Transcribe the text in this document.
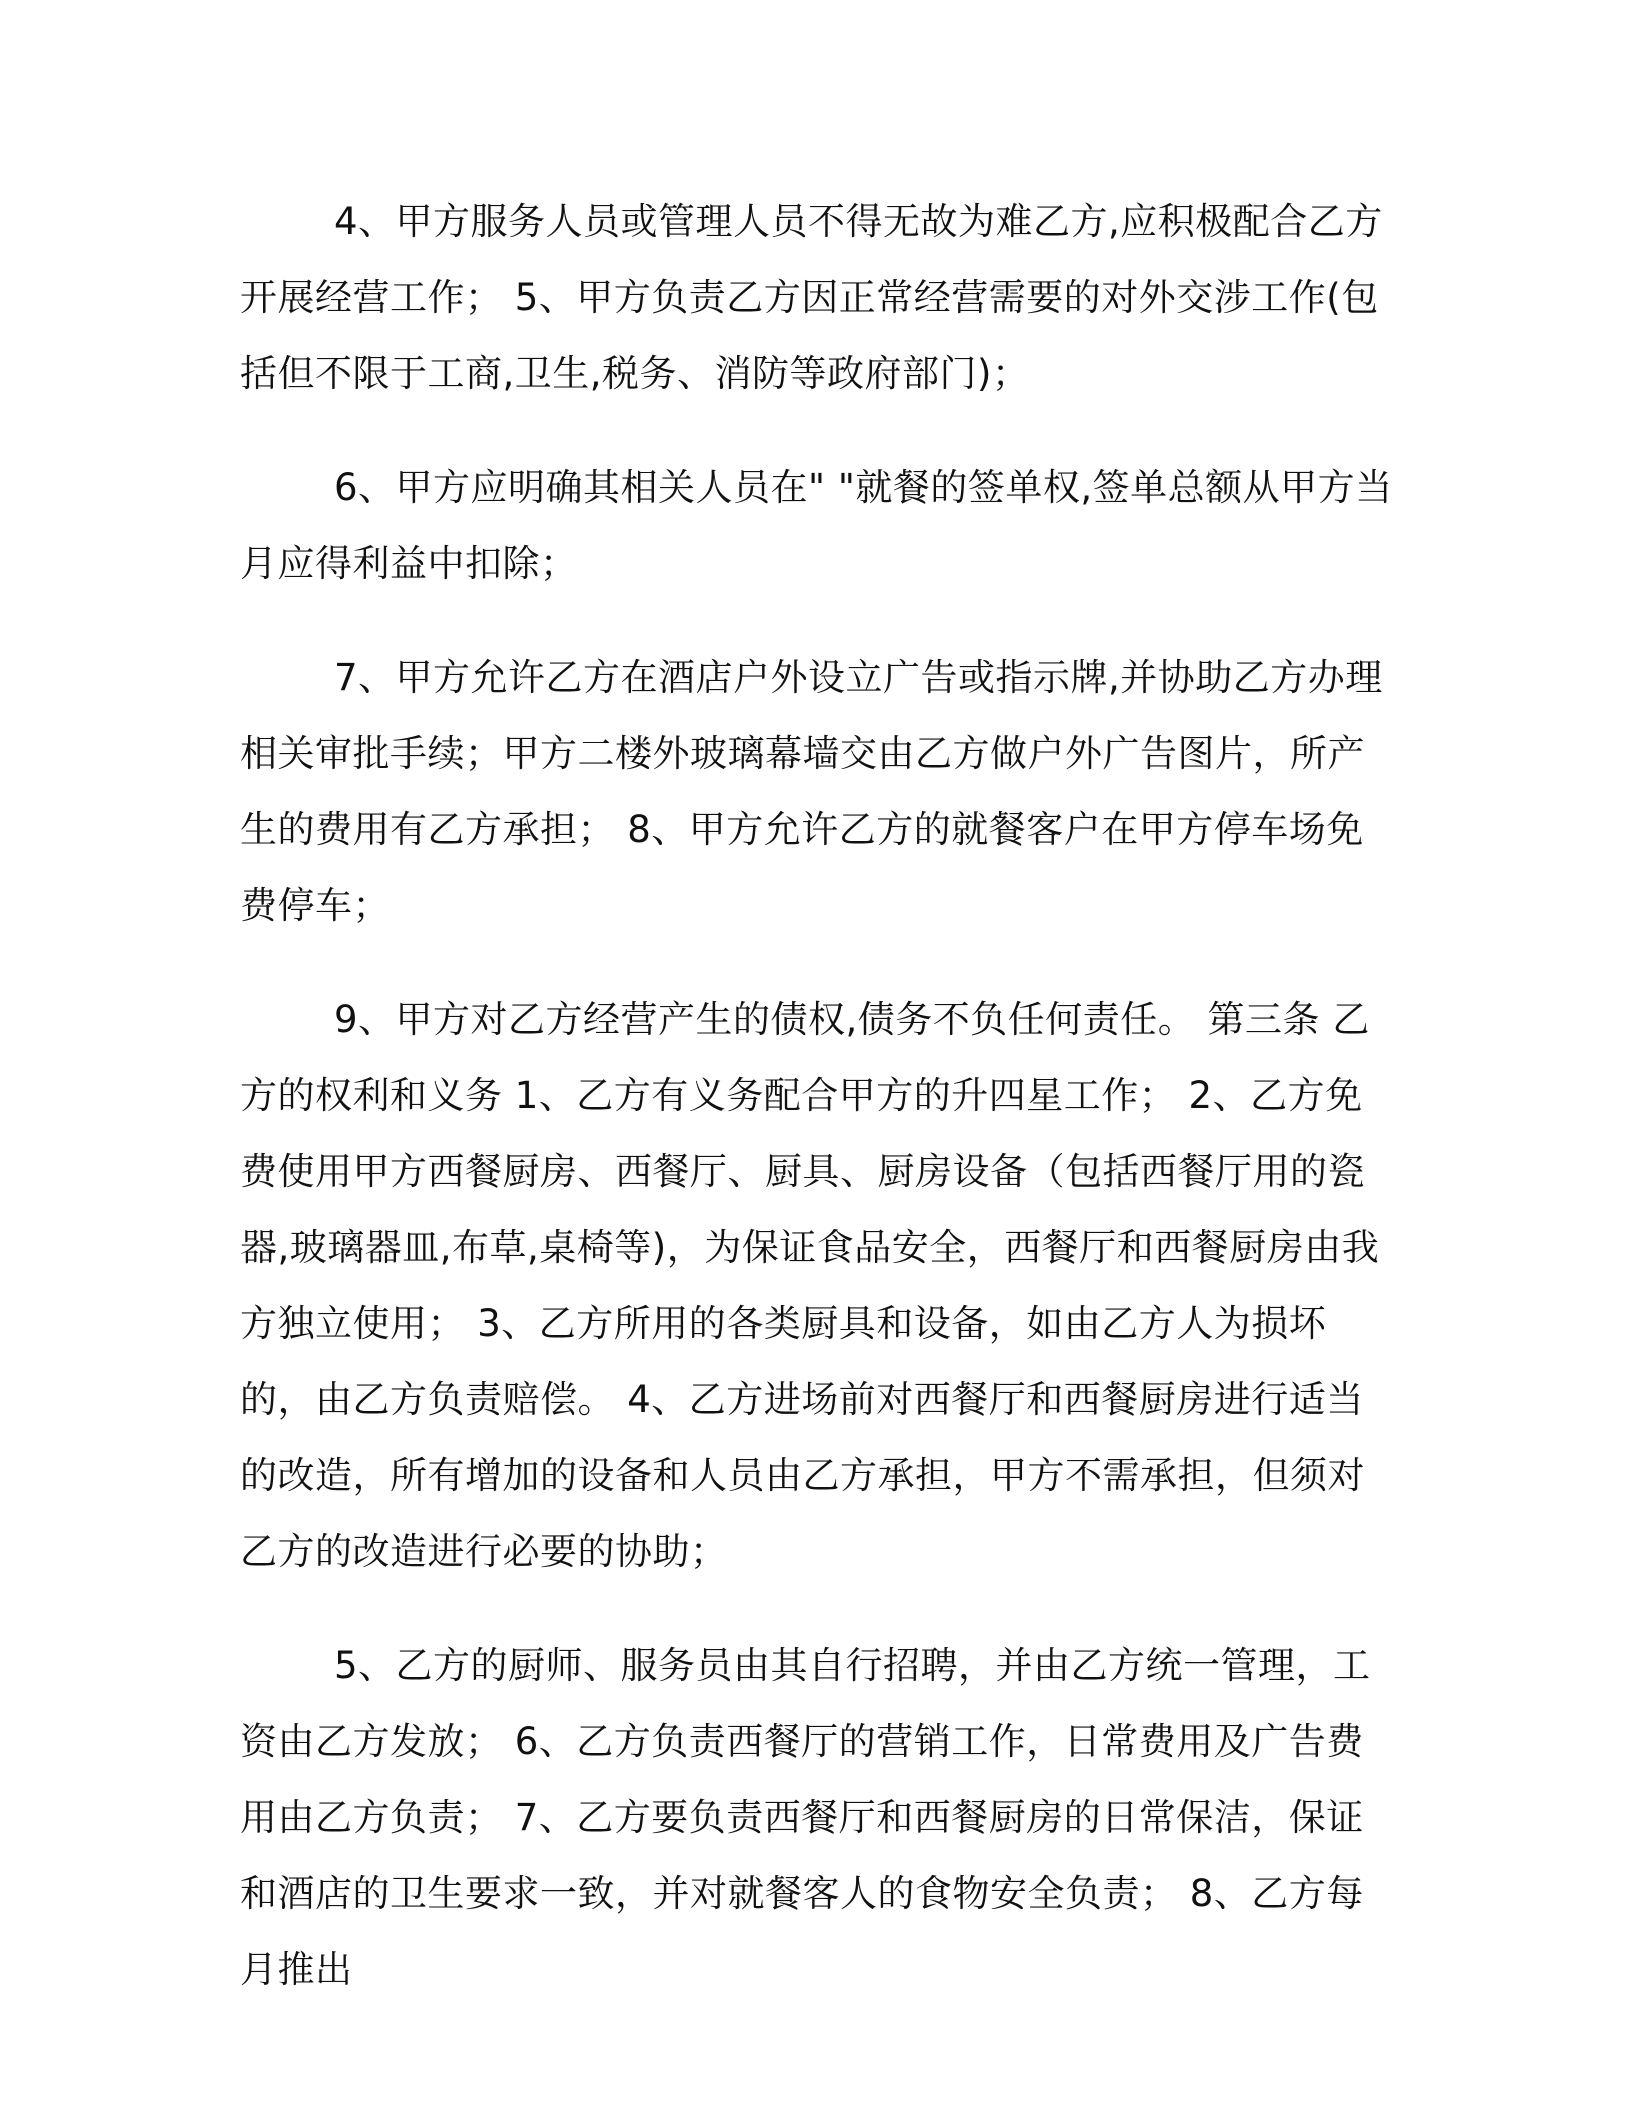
4、甲方服务人员或管理人员不得无故为难乙方,应积极配合乙方开展经营工作； 5、甲方负责乙方因正常经营需要的对外交涉工作(包括但不限于工商,卫生,税务、消防等政府部门)；

6、甲方应明确其相关人员在" "就餐的签单权,签单总额从甲方当月应得利益中扣除；

7、甲方允许乙方在酒店户外设立广告或指示牌,并协助乙方办理相关审批手续；甲方二楼外玻璃幕墙交由乙方做户外广告图片，所产生的费用有乙方承担； 8、甲方允许乙方的就餐客户在甲方停车场免费停车；

9、甲方对乙方经营产生的债权,债务不负任何责任。 第三条 乙方的权利和义务 1、乙方有义务配合甲方的升四星工作； 2、乙方免费使用甲方西餐厨房、西餐厅、厨具、厨房设备（包括西餐厅用的瓷器,玻璃器皿,布草,桌椅等)，为保证食品安全，西餐厅和西餐厨房由我方独立使用； 3、乙方所用的各类厨具和设备，如由乙方人为损坏的，由乙方负责赔偿。 4、乙方进场前对西餐厅和西餐厨房进行适当的改造，所有增加的设备和人员由乙方承担，甲方不需承担，但须对乙方的改造进行必要的协助；

5、乙方的厨师、服务员由其自行招聘，并由乙方统一管理，工资由乙方发放； 6、乙方负责西餐厅的营销工作，日常费用及广告费用由乙方负责； 7、乙方要负责西餐厅和西餐厨房的日常保洁，保证和酒店的卫生要求一致，并对就餐客人的食物安全负责； 8、乙方每月推出
